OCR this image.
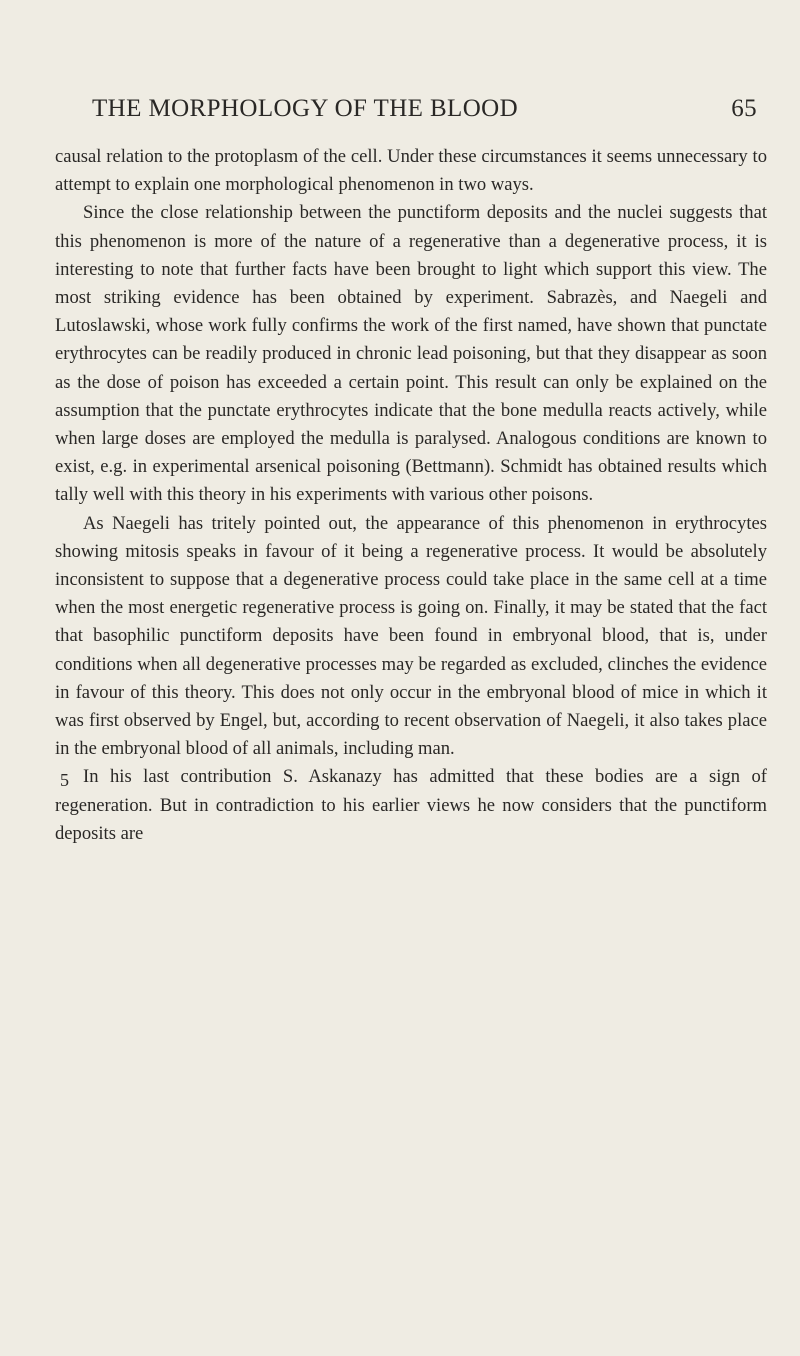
THE MORPHOLOGY OF THE BLOOD	65

causal relation to the protoplasm of the cell. Under these circumstances it seems unnecessary to attempt to explain one morphological phenomenon in two ways.

Since the close relationship between the punctiform deposits and the nuclei suggests that this phenomenon is more of the nature of a regenerative than a degenerative process, it is interesting to note that further facts have been brought to light which support this view. The most striking evidence has been obtained by experiment. Sabrazès, and Naegeli and Lutoslawski, whose work fully confirms the work of the first named, have shown that punctate erythrocytes can be readily produced in chronic lead poisoning, but that they disappear as soon as the dose of poison has exceeded a certain point. This result can only be explained on the assumption that the punctate erythrocytes indicate that the bone medulla reacts actively, while when large doses are employed the medulla is paralysed. Analogous conditions are known to exist, e.g. in experimental arsenical poisoning (Bettmann). Schmidt has obtained results which tally well with this theory in his experiments with various other poisons.

As Naegeli has tritely pointed out, the appearance of this phenomenon in erythrocytes showing mitosis speaks in favour of it being a regenerative process. It would be absolutely inconsistent to suppose that a degenerative process could take place in the same cell at a time when the most energetic regenerative process is going on. Finally, it may be stated that the fact that basophilic punctiform deposits have been found in embryonal blood, that is, under conditions when all degenerative processes may be regarded as excluded, clinches the evidence in favour of this theory. This does not only occur in the embryonal blood of mice in which it was first observed by Engel, but, according to recent observation of Naegeli, it also takes place in the embryonal blood of all animals, including man.

In his last contribution S. Askanazy has admitted that these bodies are a sign of regeneration. But in contradiction to his earlier views he now considers that the punctiform deposits are

5
